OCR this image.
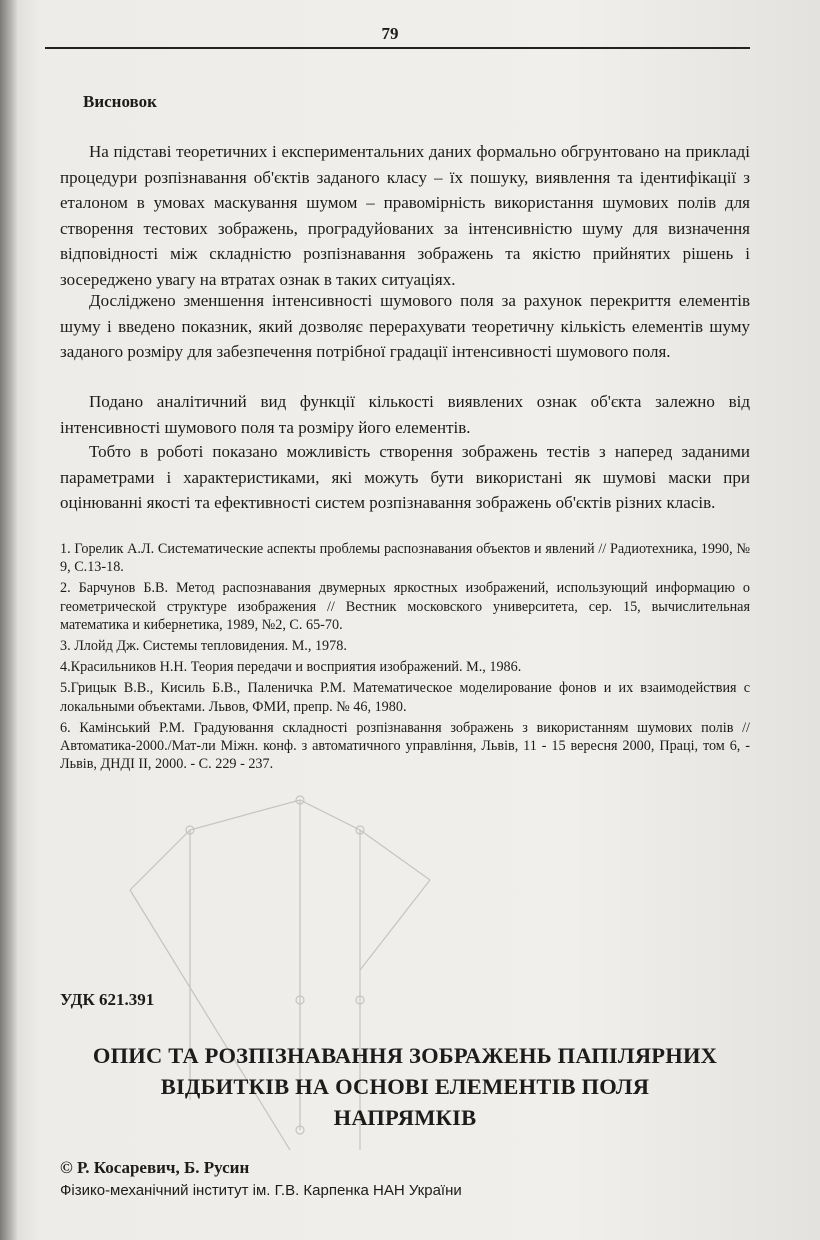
79
Висновок

На підставі теоретичних і експериментальних даних формально обгрунтовано на прикладі процедури розпізнавання об'єктів заданого класу – їх пошуку, виявлення та ідентифікації з еталоном в умовах маскування шумом – правомірність використання шумових полів для створення тестових зображень, проградуйованих за інтенсивністю шуму для визначення відповідності між складністю розпізнавання зображень та якістю прийнятих рішень і зосереджено увагу на втратах ознак в таких ситуаціях.

Досліджено зменшення інтенсивності шумового поля за рахунок перекриття елементів шуму і введено показник, який дозволяє перерахувати теоретичну кількість елементів шуму заданого розміру для забезпечення потрібної градації інтенсивності шумового поля.

Подано аналітичний вид функції кількості виявлених ознак об'єкта залежно від інтенсивності шумового поля та розміру його елементів.

Тобто в роботі показано можливість створення зображень тестів з наперед заданими параметрами і характеристиками, які можуть бути використані як шумові маски при оцінюванні якості та ефективності систем розпізнавання зображень об'єктів різних класів.

1. Горелик А.Л. Систематические аспекты проблемы распознавания объектов и явлений // Радиотехника, 1990, № 9, С.13-18.
2. Барчунов Б.В. Метод распознавания двумерных яркостных изображений, использующий информацию о геометрической структуре изображения // Вестник московского университета, сер. 15, вычислительная математика и кибернетика, 1989, №2, С. 65-70.
3. Ллойд Дж. Системы тепловидения. М., 1978.
4.Красильников Н.Н. Теория передачи и восприятия изображений. М., 1986.
5.Грицык В.В., Кисиль Б.В., Паленичка Р.М. Математическое моделирование фонов и их взаимодействия с локальными объектами. Львов, ФМИ, препр. № 46, 1980.
6. Камінський Р.М. Градуювання складності розпізнавання зображень з використанням шумових полів // Автоматика-2000./Мат-ли Міжн. конф. з автоматичного управління, Львів, 11 - 15 вересня 2000, Праці, том 6, - Львів, ДНДІ ІІ, 2000. - С. 229 - 237.
УДК 621.391
ОПИС ТА РОЗПІЗНАВАННЯ ЗОБРАЖЕНЬ ПАПІЛЯРНИХ
ВІДБИТКІВ НА ОСНОВІ ЕЛЕМЕНТІВ ПОЛЯ
НАПРЯМКІВ
© Р. Косаревич, Б. Русин
Фізико-механічний інститут ім. Г.В. Карпенка НАН України
